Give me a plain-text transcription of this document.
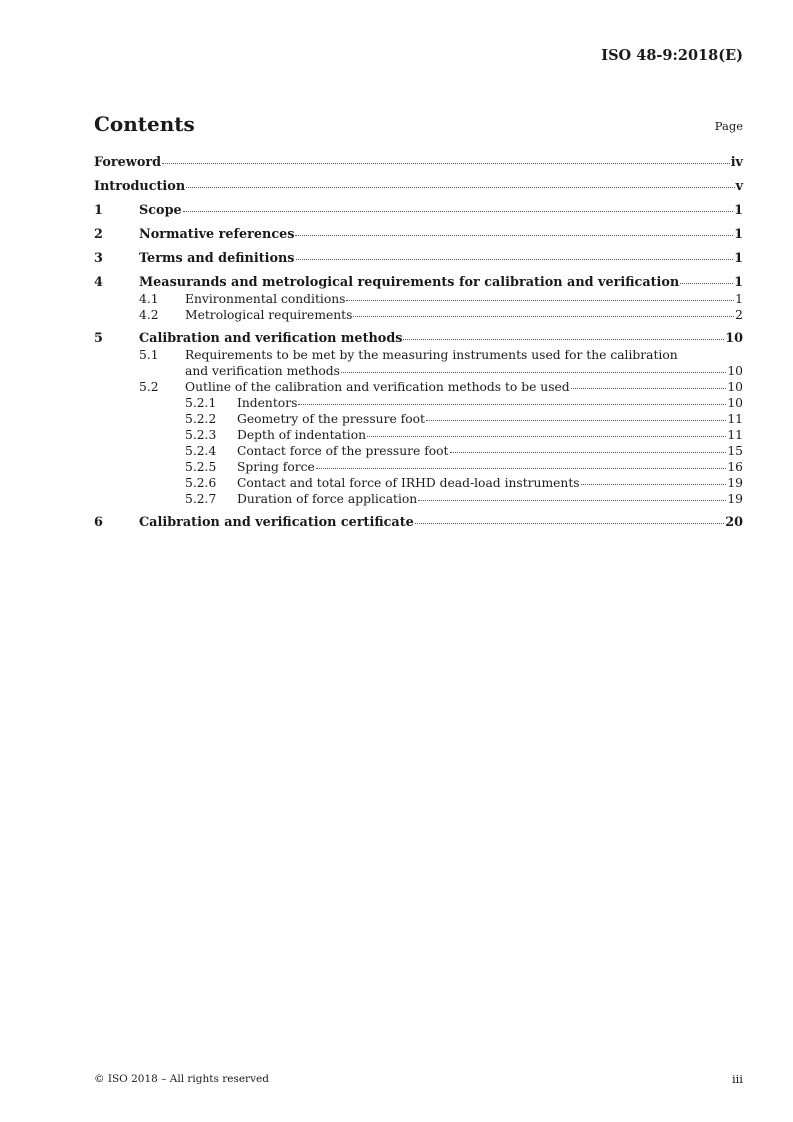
ISO 48-9:2018(E)
Contents	Page
Foreword	iv
Introduction	v
1	Scope	1
2	Normative references	1
3	Terms and definitions	1
4	Measurands and metrological requirements for calibration and verification	1
4.1	Environmental conditions	1
4.2	Metrological requirements	2
5	Calibration and verification methods	10
5.1 Requirements to be met by the measuring instruments used for the calibration
and verification methods	10
5.2	Outline of the calibration and verification methods to be used	10
5.2.1	Indentors	10
5.2.2	Geometry of the pressure foot	11
5.2.3	Depth of indentation	11
5.2.4	Contact force of the pressure foot	15
5.2.5	Spring force	16
5.2.6	Contact and total force of IRHD dead-load instruments	19
5.2.7	Duration of force application	19
6	Calibration and verification certificate	20
© ISO 2018 – All rights reserved	iii
